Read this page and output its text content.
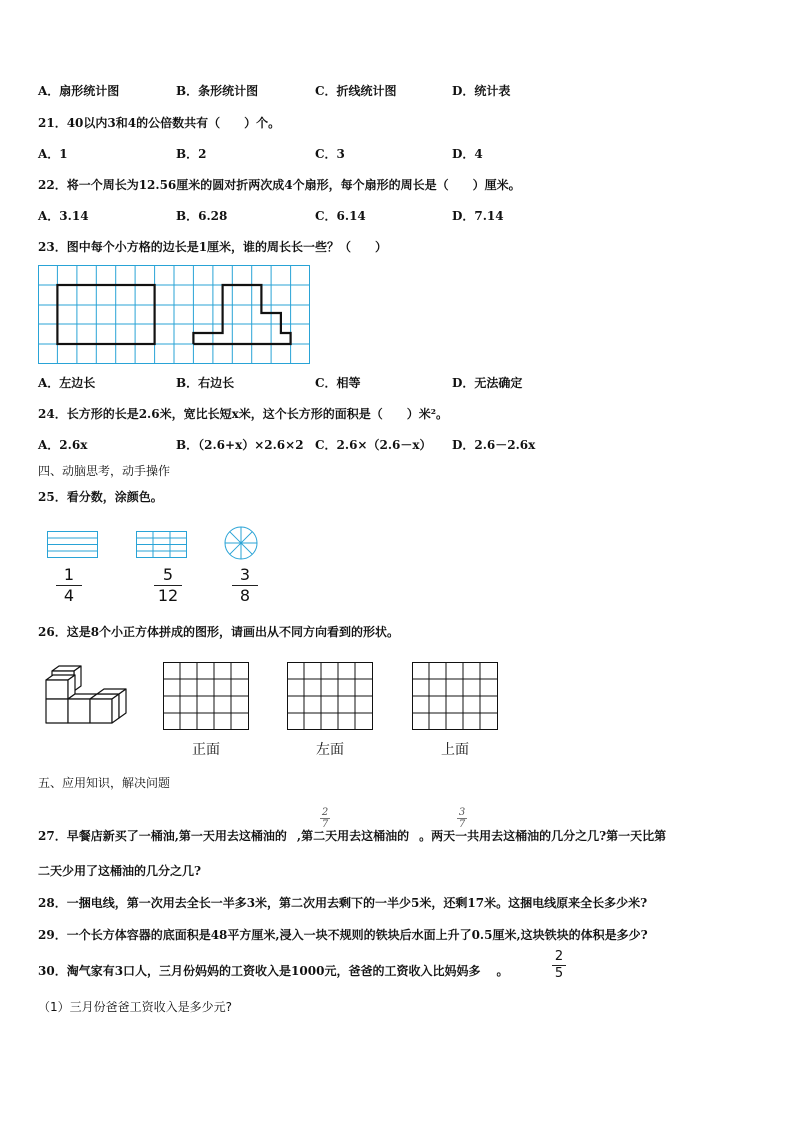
A．扇形统计图	B．条形统计图	C．折线统计图	D．统计表
21．40以内3和4的公倍数共有（　　）个。
A．1	B．2	C．3	D．4
22．将一个周长为12.56厘米的圆对折两次成4个扇形，每个扇形的周长是（　　）厘米。
A．3.14	B．6.28	C．6.14	D．7.14
23．图中每个小方格的边长是1厘米，谁的周长长一些？（　　）
A．左边长	B．右边长	C．相等	D．无法确定
24．长方形的长是2.6米，宽比长短x米，这个长方形的面积是（　　）米²。
A．2.6x	B．（2.6+x）×2.6×2 C．2.6×（2.6－x） D．2.6－2.6x
四、动脑思考，动手操作
25．看分数，涂颜色。
1
4
5
12
3
8
26．这是8个小正方体拼成的图形，请画出从不同方向看到的形状。
正面	左面	上面
五、应用知识，解决问题
27．早餐店新买了一桶油,第一天用去这桶油的 ,第二天用去这桶油的 。两天一共用去这桶油的几分之几?第一天比第
2
7
3
7
二天少用了这桶油的几分之几?
28．一捆电线，第一次用去全长一半多3米，第二次用去剩下的一半少5米，还剩17米。这捆电线原来全长多少米?
29．一个长方体容器的底面积是48平方厘米,浸入一块不规则的铁块后水面上升了0.5厘米,这块铁块的体积是多少?
30．淘气家有3口人，三月份妈妈的工资收入是1000元，爸爸的工资收入比妈妈多 。
2
5
（1）三月份爸爸工资收入是多少元?
